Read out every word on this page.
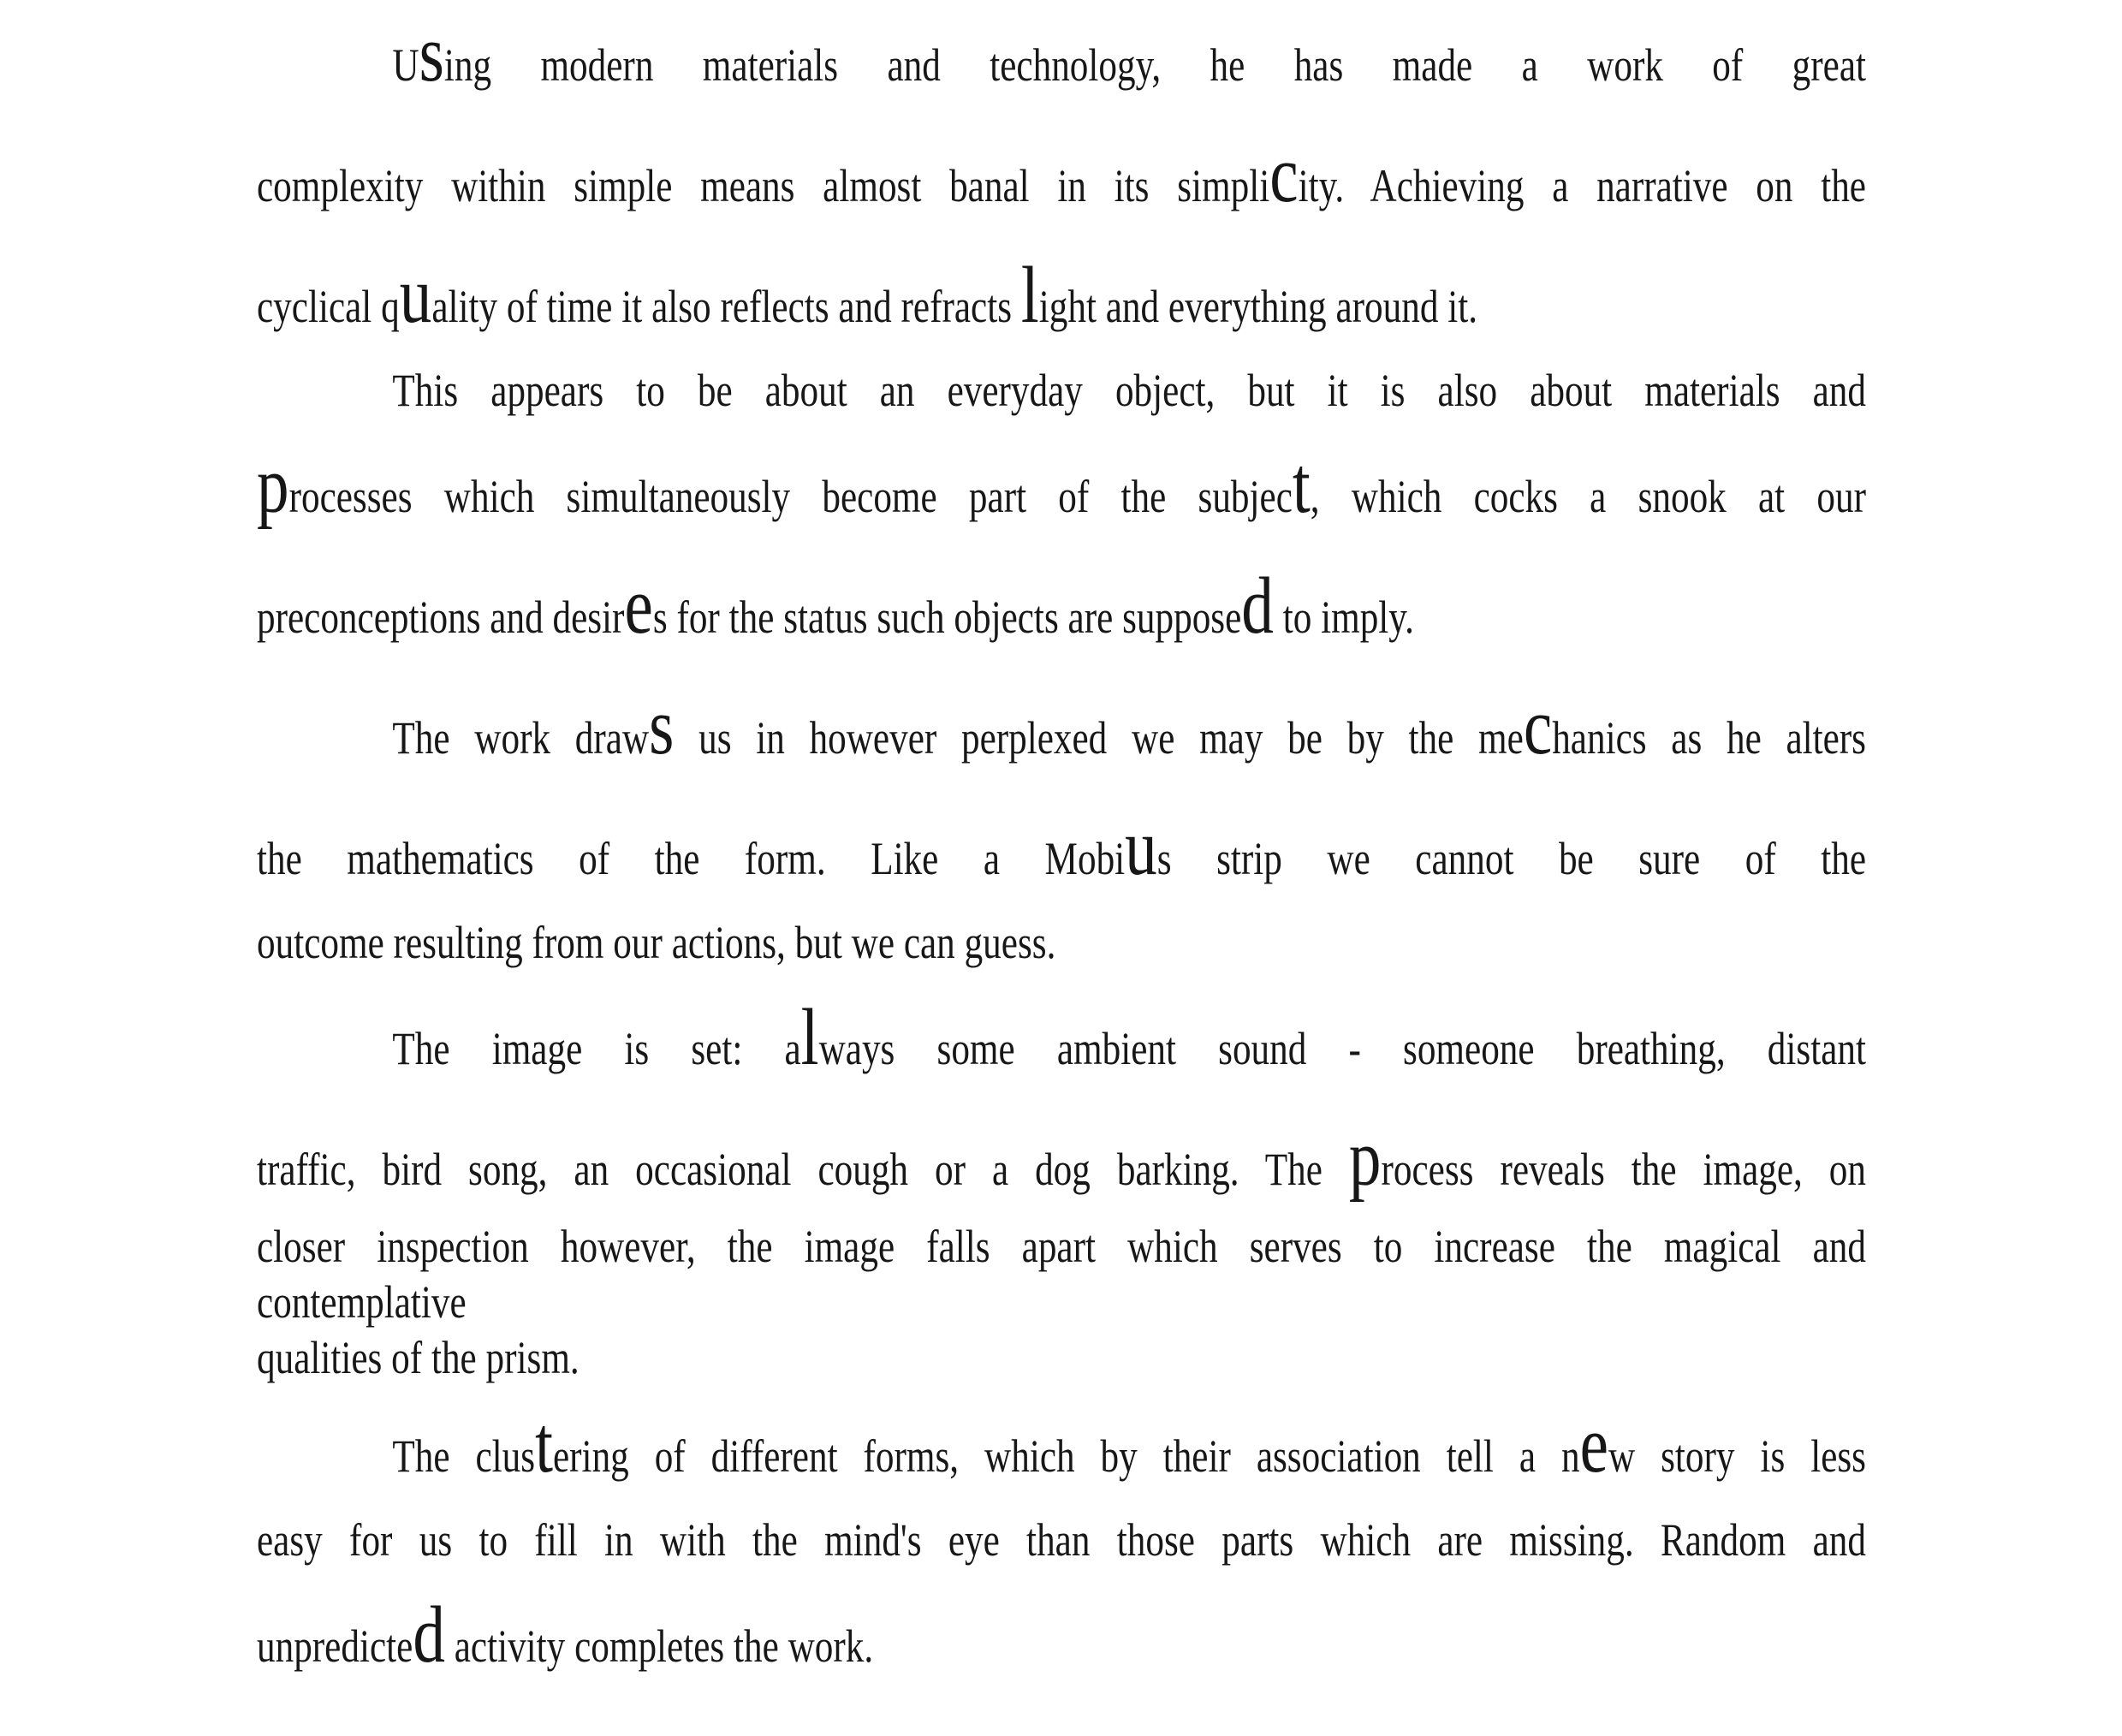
Using modern materials and technology, he has made a work of great
complexity within simple means almost banal in its simplicity. Achieving a narrative on the
cyclical quality of time it also reflects and refracts light and everything around it.
This appears to be about an everyday object, but it is also about materials and
processes which simultaneously become part of the subject, which cocks a snook at our
preconceptions and desires for the status such objects are supposed to imply.
The work draws us in however perplexed we may be by the mechanics as he alters
the mathematics of the form. Like a Mobius strip we cannot be sure of the
outcome resulting from our actions, but we can guess.
The image is set: always some ambient sound - someone breathing, distant
traffic, bird song, an occasional cough or a dog barking. The process reveals the image, on
closer inspection however, the image falls apart which serves to increase the magical and
contemplative
qualities of the prism.
The clustering of different forms, which by their association tell a new story is less
easy for us to fill in with the mind's eye than those parts which are missing. Random and
unpredicted activity completes the work.
